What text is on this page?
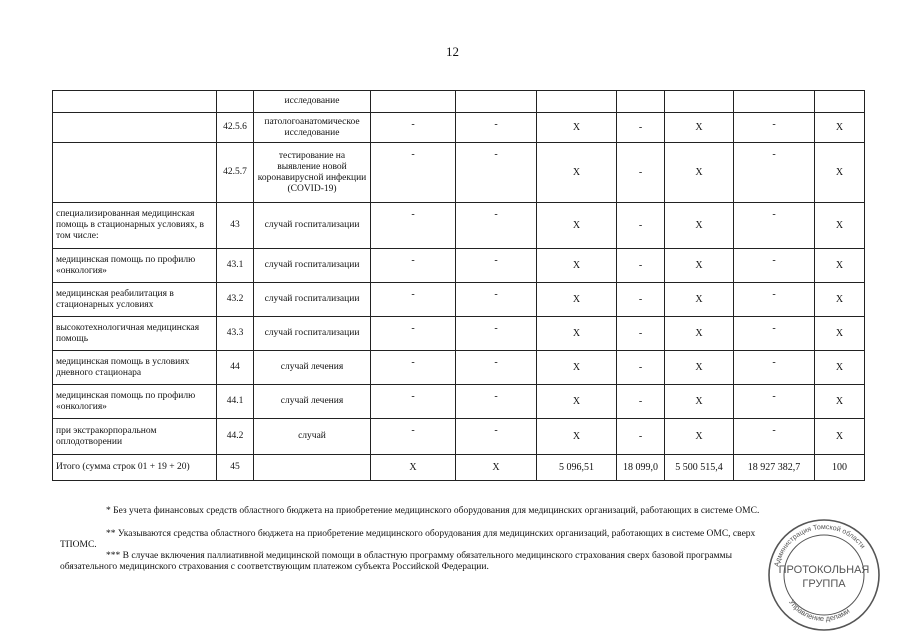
12
		исследование							
	42.5.6	патологоанатомическое исследование	-	-	X	-	X	-	X
	42.5.7	тестирование на выявление новой коронавирусной инфекции (COVID-19)	-	-	X	-	X	-	X
специализированная медицинская помощь в стационарных условиях, в том числе:	43	случай госпитализации	-	-	X	-	X	-	X
медицинская помощь по профилю «онкология»	43.1	случай госпитализации	-	-	X	-	X	-	X
медицинская реабилитация в стационарных условиях	43.2	случай госпитализации	-	-	X	-	X	-	X
высокотехнологичная медицинская помощь	43.3	случай госпитализации	-	-	X	-	X	-	X
медицинская помощь в условиях дневного стационара	44	случай лечения	-	-	X	-	X	-	X
медицинская помощь по профилю «онкология»	44.1	случай лечения	-	-	X	-	X	-	X
при экстракорпоральном оплодотворении	44.2	случай	-	-	X	-	X	-	X
Итого (сумма строк 01 + 19 + 20)	45		X	X	5 096,51	18 099,0	5 500 515,4	18 927 382,7	100

* Без учета финансовых средств областного бюджета на приобретение медицинского оборудования для медицинских организаций, работающих в системе ОМС.

** Указываются средства областного бюджета на приобретение медицинского оборудования для медицинских организаций, работающих в системе ОМС, сверх

ТПОМС.

*** В случае включения паллиативной медицинской помощи в областную программу обязательного медицинского страхования сверх базовой программы

обязательного медицинского страхования с соответствующим платежом субъекта Российской Федерации.	Администрация Томской области
Управление делами
ПРОТОКОЛЬНАЯ
ГРУППА
